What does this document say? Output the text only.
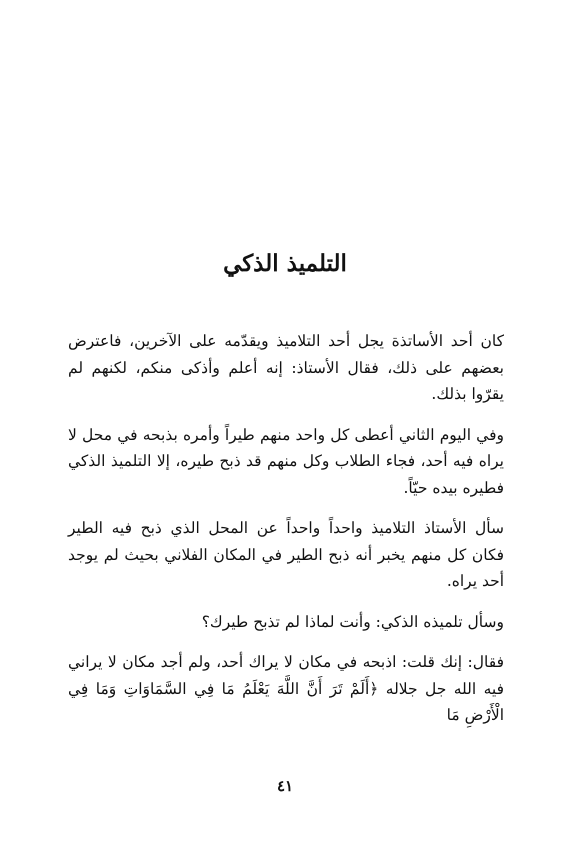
التلميذ الذكي

كان أحد الأساتذة يجل أحد التلاميذ ويقدّمه على الآخرين، فاعترض بعضهم على ذلك، فقال الأستاذ: إنه أعلم وأذكى منكم، لكنهم لم يقرّوا بذلك.

وفي اليوم الثاني أعطى كل واحد منهم طيراً وأمره بذبحه في محل لا يراه فيه أحد، فجاء الطلاب وكل منهم قد ذبح طيره، إلا التلميذ الذكي فطيره بيده حيّاً.

سأل الأستاذ التلاميذ واحداً واحداً عن المحل الذي ذبح فيه الطير فكان كل منهم يخبر أنه ذبح الطير في المكان الفلاني بحيث لم يوجد أحد يراه.

وسأل تلميذه الذكي: وأنت لماذا لم تذبح طيرك؟

فقال: إنك قلت: اذبحه في مكان لا يراك أحد، ولم أجد مكان لا يراني فيه الله جل جلاله ﴿أَلَمْ تَرَ أَنَّ اللَّهَ يَعْلَمُ مَا فِي السَّمَاوَاتِ وَمَا فِي الْأَرْضِ مَا

٤١
